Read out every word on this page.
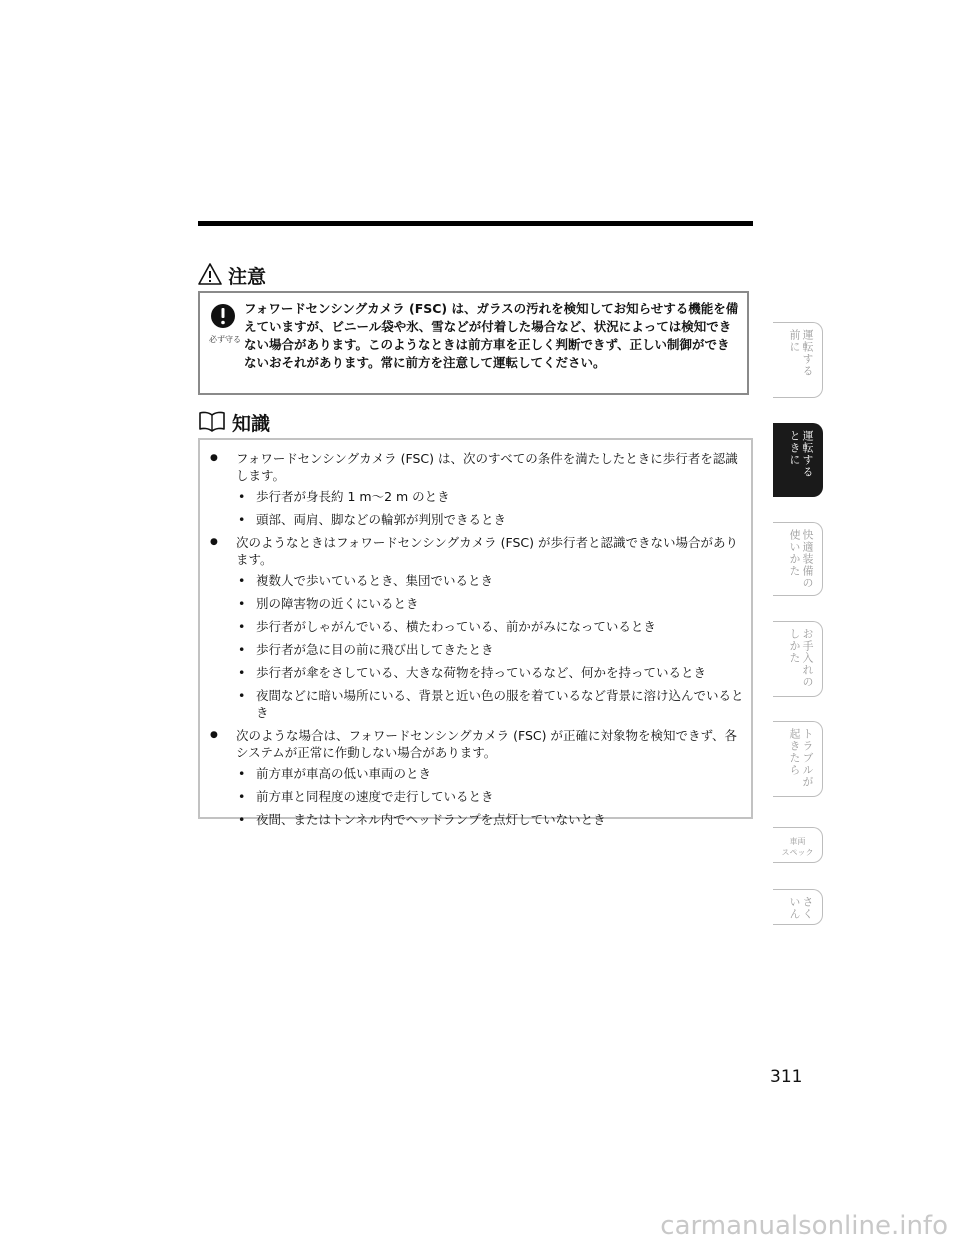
注意
必ず守る

フォワードセンシングカメラ (FSC) は、ガラスの汚れを検知してお知らせする機能を備えていますが、ビニール袋や氷、雪などが付着した場合など、状況によっては検知できない場合があります。このようなときは前方車を正しく判断できず、正しい制御ができないおそれがあります。常に前方を注意して運転してください。

知識
● フォワードセンシングカメラ (FSC) は、次のすべての条件を満たしたときに歩行者を認識します。
• 歩行者が身長約 1 m〜2 m のとき
• 頭部、両肩、脚などの輪郭が判別できるとき
● 次のようなときはフォワードセンシングカメラ (FSC) が歩行者と認識できない場合があります。
• 複数人で歩いているとき、集団でいるとき
• 別の障害物の近くにいるとき
• 歩行者がしゃがんでいる、横たわっている、前かがみになっているとき
• 歩行者が急に目の前に飛び出してきたとき
• 歩行者が傘をさしている、大きな荷物を持っているなど、何かを持っているとき
• 夜間などに暗い場所にいる、背景と近い色の服を着ているなど背景に溶け込んでいるとき
● 次のような場合は、フォワードセンシングカメラ (FSC) が正確に対象物を検知できず、各システムが正常に作動しない場合があります。
• 前方車が車高の低い車両のとき
• 前方車と同程度の速度で走行しているとき
• 夜間、またはトンネル内でヘッドランプを点灯していないとき
運転する
前に
運転する
ときに
快適装備の
使いかた
お手入れの
しかた
トラブルが
起きたら
車両
スペック
さく
いん
311
carmanualsonline.info
